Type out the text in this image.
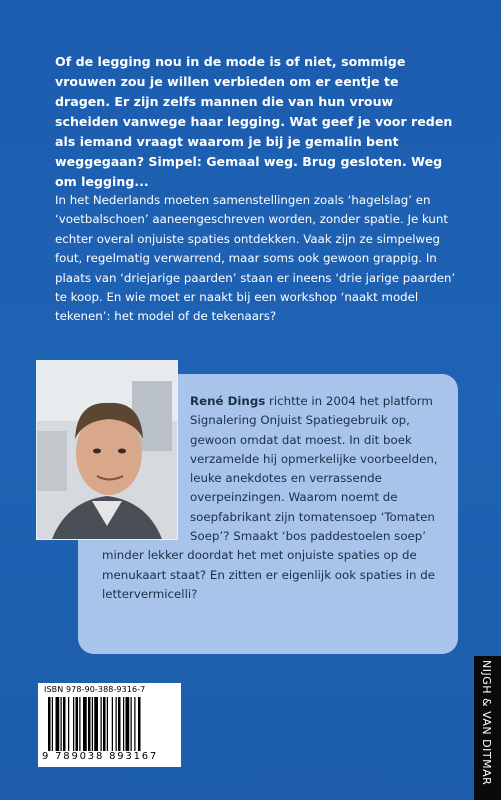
Of de legging nou in de mode is of niet, sommige vrouwen zou je willen verbieden om er eentje te dragen. Er zijn zelfs mannen die van hun vrouw scheiden vanwege haar legging. Wat geef je voor reden als iemand vraagt waarom je bij je gemalin bent weggegaan? Simpel: Gemaal weg. Brug gesloten. Weg om legging...

In het Nederlands moeten samenstellingen zoals ‘hagelslag’ en ‘voetbalschoen’ aaneengeschreven worden, zonder spatie. Je kunt echter overal onjuiste spaties ontdekken. Vaak zijn ze simpelweg fout, regelmatig verwarrend, maar soms ook gewoon grappig. In plaats van ‘driejarige paarden’ staan er ineens ‘drie jarige paarden’ te koop. En wie moet er naakt bij een workshop ‘naakt model tekenen’: het model of de tekenaars?

René Dings richtte in 2004 het platform Signalering Onjuist Spatiegebruik op, gewoon omdat dat moest. In dit boek verzamelde hij opmerkelijke voorbeelden, leuke anekdotes en verrassende overpeinzingen. Waarom noemt de soepfabrikant zijn tomatensoep ‘Tomaten Soep’? Smaakt ‘bos paddestoelen soep’ minder lekker doordat het met onjuiste spaties op de menukaart staat? En zitten er eigenlijk ook spaties in de lettervermicelli?

ISBN 978-90-388-9316-7
9 789038 893167	NIJGH & VAN DITMAR
